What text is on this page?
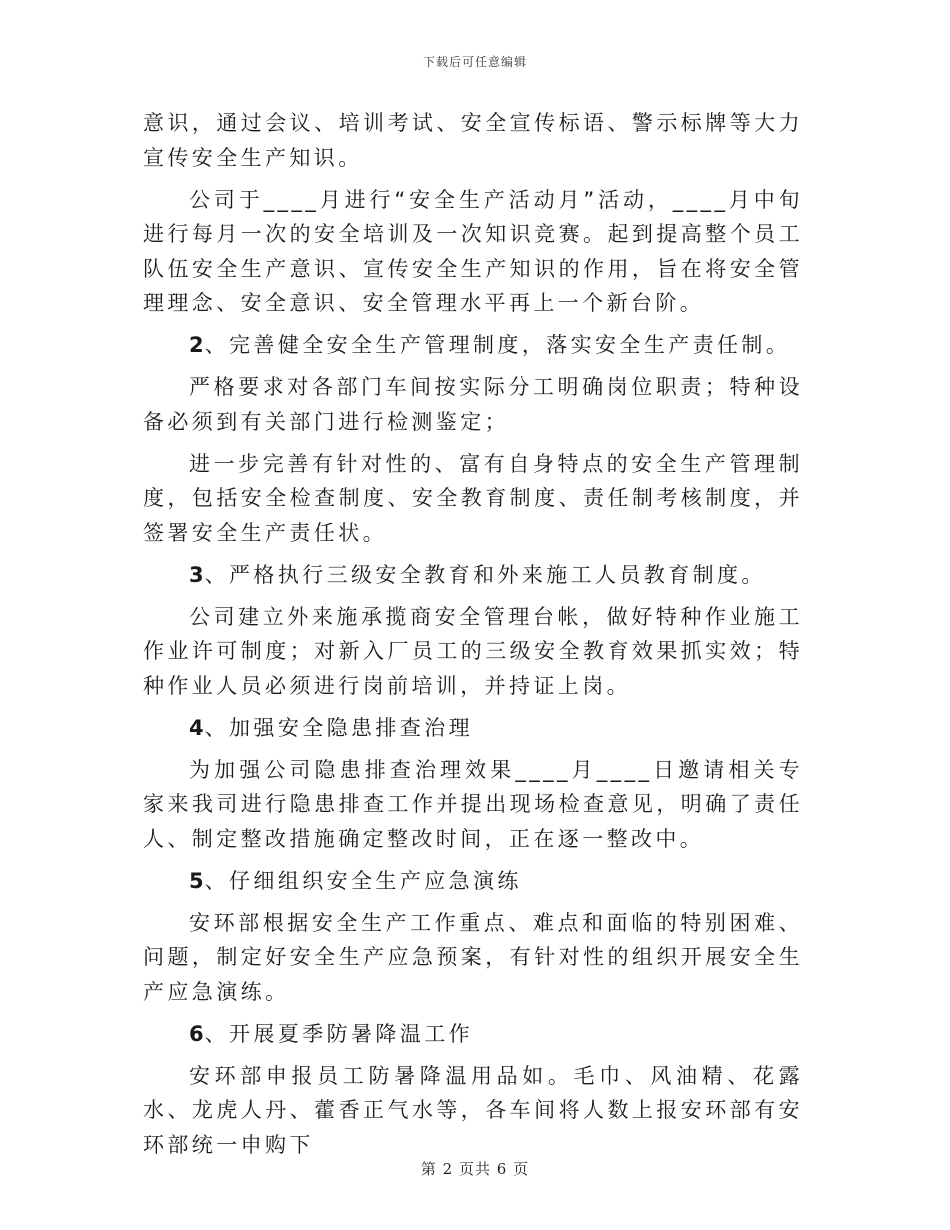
下载后可任意编辑

意识，通过会议、培训考试、安全宣传标语、警示标牌等大力宣传安全生产知识。

公司于____月进行“安全生产活动月”活动，____月中旬进行每月一次的安全培训及一次知识竞赛。起到提高整个员工队伍安全生产意识、宣传安全生产知识的作用，旨在将安全管理理念、安全意识、安全管理水平再上一个新台阶。

2、完善健全安全生产管理制度，落实安全生产责任制。

严格要求对各部门车间按实际分工明确岗位职责；特种设备必须到有关部门进行检测鉴定；

进一步完善有针对性的、富有自身特点的安全生产管理制度，包括安全检查制度、安全教育制度、责任制考核制度，并签署安全生产责任状。

3、严格执行三级安全教育和外来施工人员教育制度。

公司建立外来施承揽商安全管理台帐，做好特种作业施工作业许可制度；对新入厂员工的三级安全教育效果抓实效；特种作业人员必须进行岗前培训，并持证上岗。

4、加强安全隐患排查治理

为加强公司隐患排查治理效果____月____日邀请相关专家来我司进行隐患排查工作并提出现场检查意见，明确了责任人、制定整改措施确定整改时间，正在逐一整改中。

5、仔细组织安全生产应急演练

安环部根据安全生产工作重点、难点和面临的特别困难、问题，制定好安全生产应急预案，有针对性的组织开展安全生产应急演练。

6、开展夏季防暑降温工作

安环部申报员工防暑降温用品如。毛巾、风油精、花露水、龙虎人丹、藿香正气水等，各车间将人数上报安环部有安环部统一申购下

第 2 页共 6 页
